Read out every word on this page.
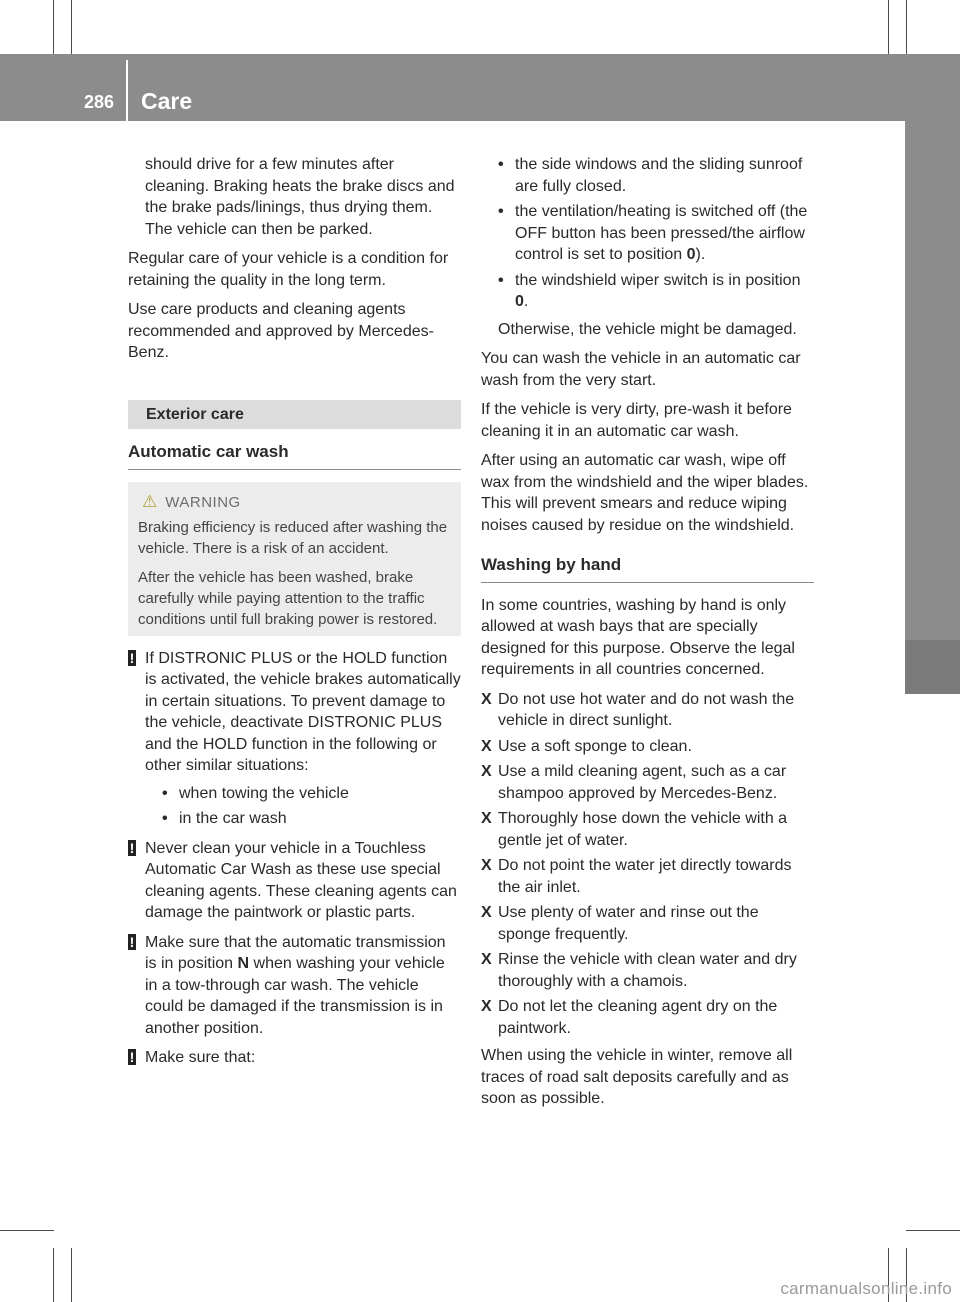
286 Care
Maintenance and care

should drive for a few minutes after cleaning. Braking heats the brake discs and the brake pads/linings, thus drying them. The vehicle can then be parked.

Regular care of your vehicle is a condition for retaining the quality in the long term.

Use care products and cleaning agents recommended and approved by Mercedes-Benz.

Exterior care
Automatic car wash
⚠ WARNING

Braking efficiency is reduced after washing the vehicle. There is a risk of an accident.

After the vehicle has been washed, brake carefully while paying attention to the traffic conditions until full braking power is restored.

! If DISTRONIC PLUS or the HOLD function is activated, the vehicle brakes automatically in certain situations. To prevent damage to the vehicle, deactivate DISTRONIC PLUS and the HOLD function in the following or other similar situations:
• when towing the vehicle
• in the car wash
! Never clean your vehicle in a Touchless Automatic Car Wash as these use special cleaning agents. These cleaning agents can damage the paintwork or plastic parts.
! Make sure that the automatic transmission is in position N when washing your vehicle in a tow-through car wash. The vehicle could be damaged if the transmission is in another position.
! Make sure that:
• the side windows and the sliding sunroof are fully closed.
• the ventilation/heating is switched off (the OFF button has been pressed/the airflow control is set to position 0).
• the windshield wiper switch is in position 0.

Otherwise, the vehicle might be damaged.

You can wash the vehicle in an automatic car wash from the very start.

If the vehicle is very dirty, pre-wash it before cleaning it in an automatic car wash.

After using an automatic car wash, wipe off wax from the windshield and the wiper blades. This will prevent smears and reduce wiping noises caused by residue on the windshield.

Washing by hand

In some countries, washing by hand is only allowed at wash bays that are specially designed for this purpose. Observe the legal requirements in all countries concerned.

X Do not use hot water and do not wash the vehicle in direct sunlight.
X Use a soft sponge to clean.
X Use a mild cleaning agent, such as a car shampoo approved by Mercedes-Benz.
X Thoroughly hose down the vehicle with a gentle jet of water.
X Do not point the water jet directly towards the air inlet.
X Use plenty of water and rinse out the sponge frequently.
X Rinse the vehicle with clean water and dry thoroughly with a chamois.
X Do not let the cleaning agent dry on the paintwork.

When using the vehicle in winter, remove all traces of road salt deposits carefully and as soon as possible.

carmanualsonline.info
